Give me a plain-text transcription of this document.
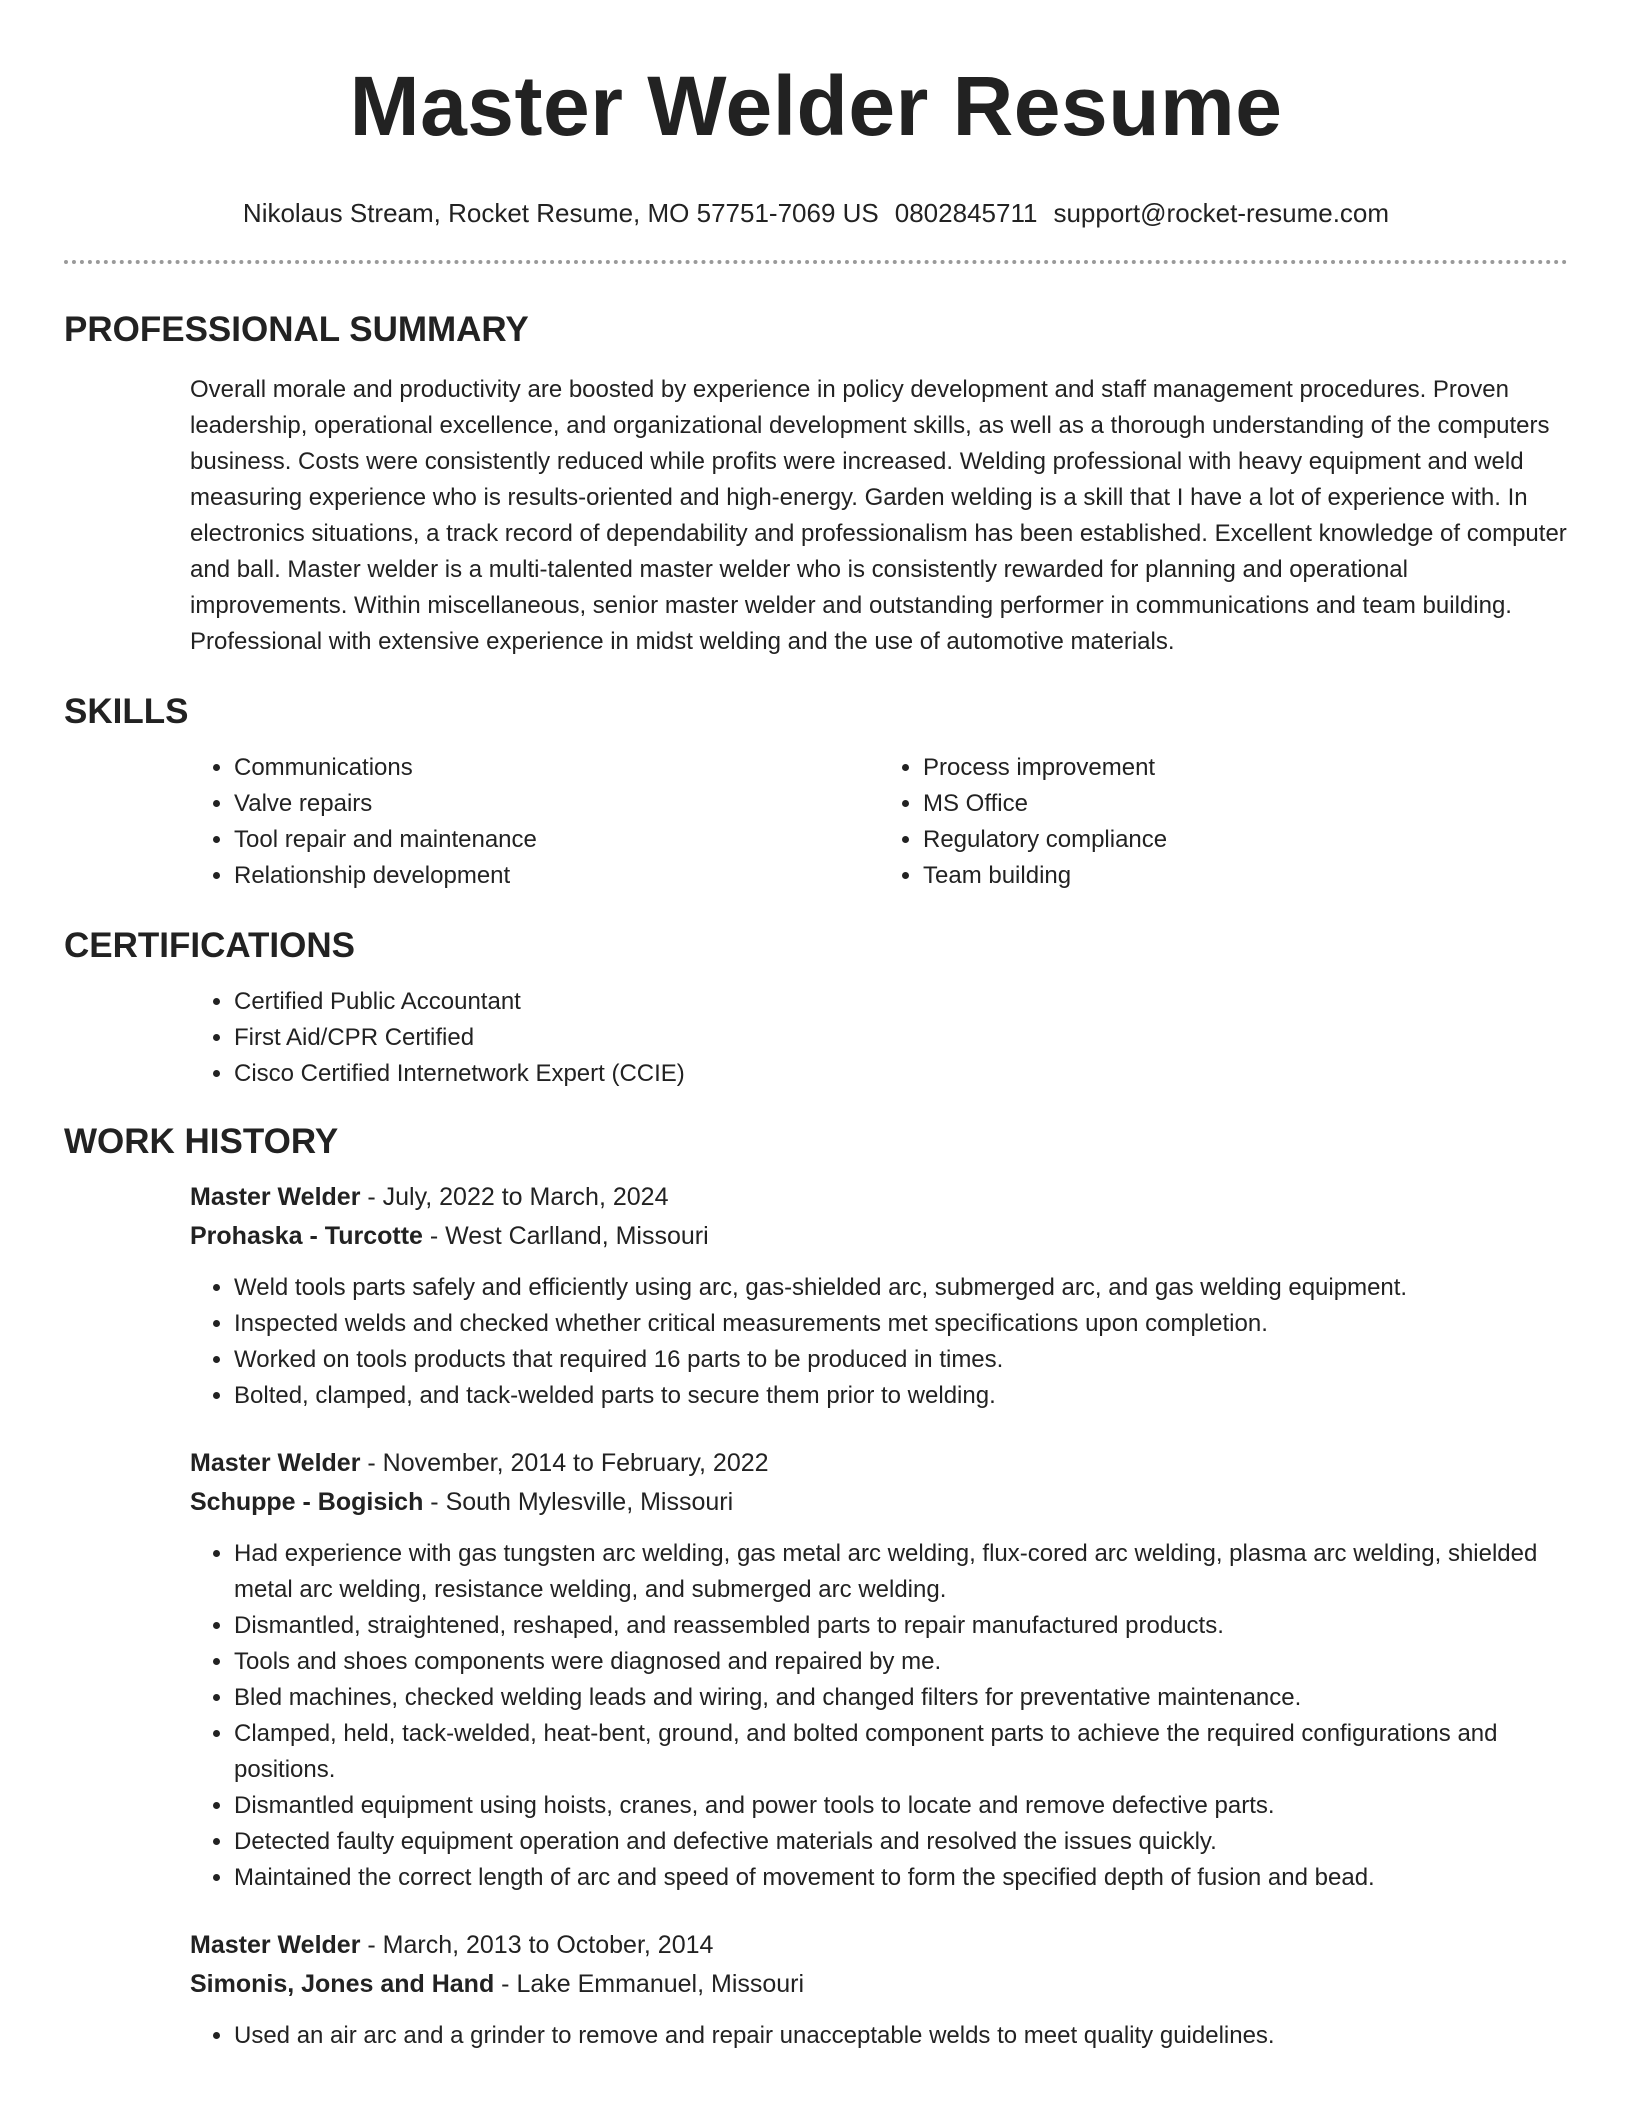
Master Welder Resume
Nikolaus Stream, Rocket Resume, MO 57751-7069 US 0802845711 support@rocket-resume.com
PROFESSIONAL SUMMARY
Overall morale and productivity are boosted by experience in policy development and staff management procedures. Proven leadership, operational excellence, and organizational development skills, as well as a thorough understanding of the computers business. Costs were consistently reduced while profits were increased. Welding professional with heavy equipment and weld measuring experience who is results-oriented and high-energy. Garden welding is a skill that I have a lot of experience with. In electronics situations, a track record of dependability and professionalism has been established. Excellent knowledge of computer and ball. Master welder is a multi-talented master welder who is consistently rewarded for planning and operational improvements. Within miscellaneous, senior master welder and outstanding performer in communications and team building. Professional with extensive experience in midst welding and the use of automotive materials.
SKILLS
• Communications
• Valve repairs
• Tool repair and maintenance
• Relationship development
• Process improvement
• MS Office
• Regulatory compliance
• Team building
CERTIFICATIONS
• Certified Public Accountant
• First Aid/CPR Certified
• Cisco Certified Internetwork Expert (CCIE)
WORK HISTORY
Master Welder - July, 2022 to March, 2024
Prohaska - Turcotte - West Carlland, Missouri
• Weld tools parts safely and efficiently using arc, gas-shielded arc, submerged arc, and gas welding equipment.
• Inspected welds and checked whether critical measurements met specifications upon completion.
• Worked on tools products that required 16 parts to be produced in times.
• Bolted, clamped, and tack-welded parts to secure them prior to welding.
Master Welder - November, 2014 to February, 2022
Schuppe - Bogisich - South Mylesville, Missouri
• Had experience with gas tungsten arc welding, gas metal arc welding, flux-cored arc welding, plasma arc welding, shielded metal arc welding, resistance welding, and submerged arc welding.
• Dismantled, straightened, reshaped, and reassembled parts to repair manufactured products.
• Tools and shoes components were diagnosed and repaired by me.
• Bled machines, checked welding leads and wiring, and changed filters for preventative maintenance.
• Clamped, held, tack-welded, heat-bent, ground, and bolted component parts to achieve the required configurations and positions.
• Dismantled equipment using hoists, cranes, and power tools to locate and remove defective parts.
• Detected faulty equipment operation and defective materials and resolved the issues quickly.
• Maintained the correct length of arc and speed of movement to form the specified depth of fusion and bead.
Master Welder - March, 2013 to October, 2014
Simonis, Jones and Hand - Lake Emmanuel, Missouri
• Used an air arc and a grinder to remove and repair unacceptable welds to meet quality guidelines.
